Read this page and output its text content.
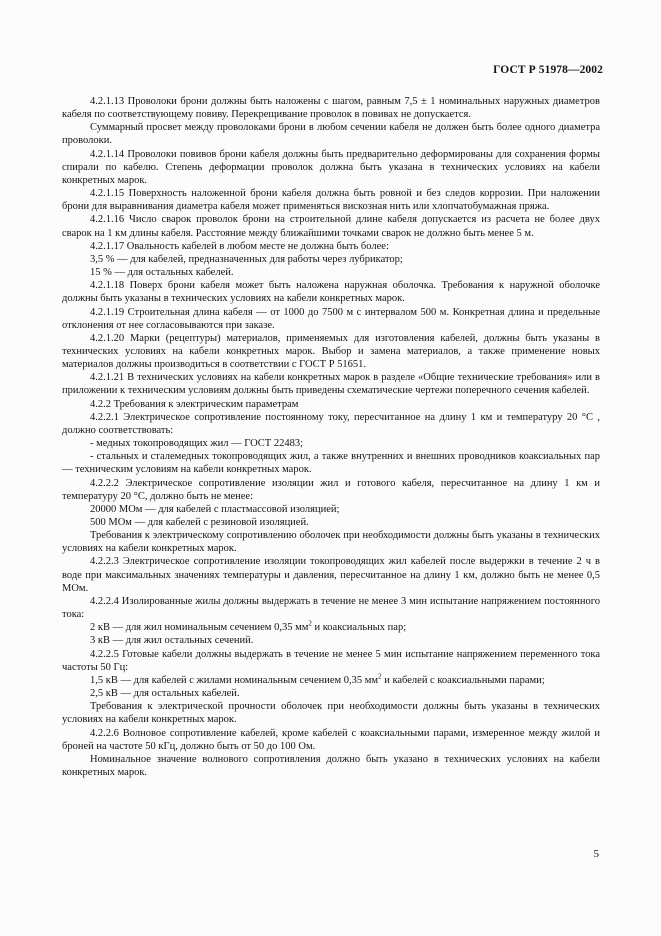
ГОСТ Р 51978—2002

4.2.1.13 Проволоки брони должны быть наложены с шагом, равным 7,5 ± 1 номинальных наружных диаметров кабеля по соответствующему повиву. Перекрещивание проволок в повивах не допускается.

Суммарный просвет между проволоками брони в любом сечении кабеля не должен быть более одного диаметра проволоки.

4.2.1.14 Проволоки повивов брони кабеля должны быть предварительно деформированы для сохранения формы спирали по кабелю. Степень деформации проволок должна быть указана в технических условиях на кабели конкретных марок.

4.2.1.15 Поверхность наложенной брони кабеля должна быть ровной и без следов коррозии. При наложении брони для выравнивания диаметра кабеля может применяться вискозная нить или хлопчатобумажная пряжа.

4.2.1.16 Число сварок проволок брони на строительной длине кабеля допускается из расчета не более двух сварок на 1 км длины кабеля. Расстояние между ближайшими точками сварок не должно быть менее 5 м.

4.2.1.17 Овальность кабелей в любом месте не должна быть более:

3,5 % — для кабелей, предназначенных для работы через лубрикатор;

15 % — для остальных кабелей.

4.2.1.18 Поверх брони кабеля может быть наложена наружная оболочка. Требования к наружной оболочке должны быть указаны в технических условиях на кабели конкретных марок.

4.2.1.19 Строительная длина кабеля — от 1000 до 7500 м с интервалом 500 м. Конкретная длина и предельные отклонения от нее согласовываются при заказе.

4.2.1.20 Марки (рецептуры) материалов, применяемых для изготовления кабелей, должны быть указаны в технических условиях на кабели конкретных марок. Выбор и замена материалов, а также применение новых материалов должны производиться в соответствии с ГОСТ Р 51651.

4.2.1.21 В технических условиях на кабели конкретных марок в разделе «Общие технические требования» или в приложении к техническим условиям должны быть приведены схематические чертежи поперечного сечения кабелей.

4.2.2 Требования к электрическим параметрам

4.2.2.1 Электрическое сопротивление постоянному току, пересчитанное на длину 1 км и температуру 20 °С , должно соответствовать:

- медных токопроводящих жил — ГОСТ 22483;

- стальных и сталемедных токопроводящих жил, а также внутренних и внешних проводников коаксиальных пар — техническим условиям на кабели конкретных марок.

4.2.2.2 Электрическое сопротивление изоляции жил и готового кабеля, пересчитанное на длину 1 км и температуру 20 °С, должно быть не менее:

20000 МОм — для кабелей с пластмассовой изоляцией;

500 МОм — для кабелей с резиновой изоляцией.

Требования к электрическому сопротивлению оболочек при необходимости должны быть указаны в технических условиях на кабели конкретных марок.

4.2.2.3 Электрическое сопротивление изоляции токопроводящих жил кабелей после выдержки в течение 2 ч в воде при максимальных значениях температуры и давления, пересчитанное на длину 1 км, должно быть не менее 0,5 МОм.

4.2.2.4 Изолированные жилы должны выдержать в течение не менее 3 мин испытание напряжением постоянного тока:

2 кВ — для жил номинальным сечением 0,35 $мм^2$ и коаксиальных пар;

3 кВ — для жил остальных сечений.

4.2.2.5 Готовые кабели должны выдержать в течение не менее 5 мин испытание напряжением переменного тока частоты 50 Гц:

1,5 кВ — для кабелей с жилами номинальным сечением 0,35 $мм^2$ и кабелей с коаксиальными парами;

2,5 кВ — для остальных кабелей.

Требования к электрической прочности оболочек при необходимости должны быть указаны в технических условиях на кабели конкретных марок.

4.2.2.6 Волновое сопротивление кабелей, кроме кабелей с коаксиальными парами, измеренное между жилой и броней на частоте 50 кГц, должно быть от 50 до 100 Ом.

Номинальное значение волнового сопротивления должно быть указано в технических условиях на кабели конкретных марок.

5
